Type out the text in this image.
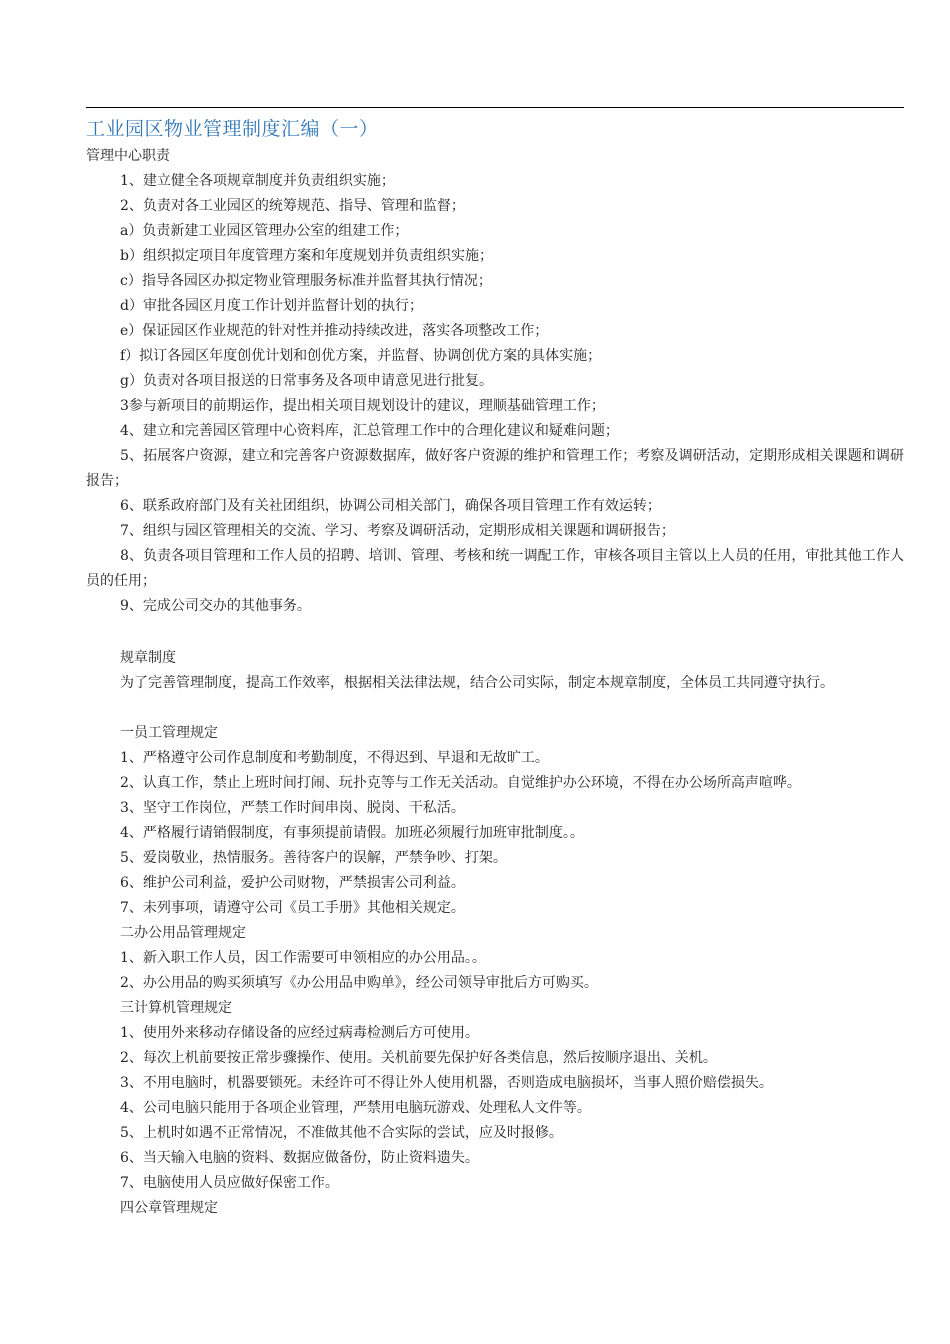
工业园区物业管理制度汇编（一）
管理中心职责
1、建立健全各项规章制度并负责组织实施；
2、负责对各工业园区的统筹规范、指导、管理和监督；
a）负责新建工业园区管理办公室的组建工作；
b）组织拟定项目年度管理方案和年度规划并负责组织实施；
c）指导各园区办拟定物业管理服务标准并监督其执行情况；
d）审批各园区月度工作计划并监督计划的执行；
e）保证园区作业规范的针对性并推动持续改进，落实各项整改工作；
f）拟订各园区年度创优计划和创优方案，并监督、协调创优方案的具体实施；
g）负责对各项目报送的日常事务及各项申请意见进行批复。
3参与新项目的前期运作，提出相关项目规划设计的建议，理顺基础管理工作；
4、建立和完善园区管理中心资料库，汇总管理工作中的合理化建议和疑难问题；
5、拓展客户资源，建立和完善客户资源数据库，做好客户资源的维护和管理工作；考察及调研活动，定期形成相关课题和调研报告；
6、联系政府部门及有关社团组织，协调公司相关部门，确保各项目管理工作有效运转；
7、组织与园区管理相关的交流、学习、考察及调研活动，定期形成相关课题和调研报告；
8、负责各项目管理和工作人员的招聘、培训、管理、考核和统一调配工作，审核各项目主管以上人员的任用，审批其他工作人员的任用；
9、完成公司交办的其他事务。
规章制度
为了完善管理制度，提高工作效率，根据相关法律法规，结合公司实际，制定本规章制度，全体员工共同遵守执行。
一员工管理规定
1、严格遵守公司作息制度和考勤制度，不得迟到、早退和无故旷工。
2、认真工作，禁止上班时间打闹、玩扑克等与工作无关活动。自觉维护办公环境，不得在办公场所高声喧哗。
3、坚守工作岗位，严禁工作时间串岗、脱岗、干私活。
4、严格履行请销假制度，有事须提前请假。加班必须履行加班审批制度。。
5、爱岗敬业，热情服务。善待客户的误解，严禁争吵、打架。
6、维护公司利益，爱护公司财物，严禁损害公司利益。
7、未列事项，请遵守公司《员工手册》其他相关规定。
二办公用品管理规定
1、新入职工作人员，因工作需要可申领相应的办公用品。。
2、办公用品的购买须填写《办公用品申购单》，经公司领导审批后方可购买。
三计算机管理规定
1、使用外来移动存储设备的应经过病毒检测后方可使用。
2、每次上机前要按正常步骤操作、使用。关机前要先保护好各类信息，然后按顺序退出、关机。
3、不用电脑时，机器要锁死。未经许可不得让外人使用机器，否则造成电脑损坏，当事人照价赔偿损失。
4、公司电脑只能用于各项企业管理，严禁用电脑玩游戏、处理私人文件等。
5、上机时如遇不正常情况，不准做其他不合实际的尝试，应及时报修。
6、当天输入电脑的资料、数据应做备份，防止资料遗失。
7、电脑使用人员应做好保密工作。
四公章管理规定
